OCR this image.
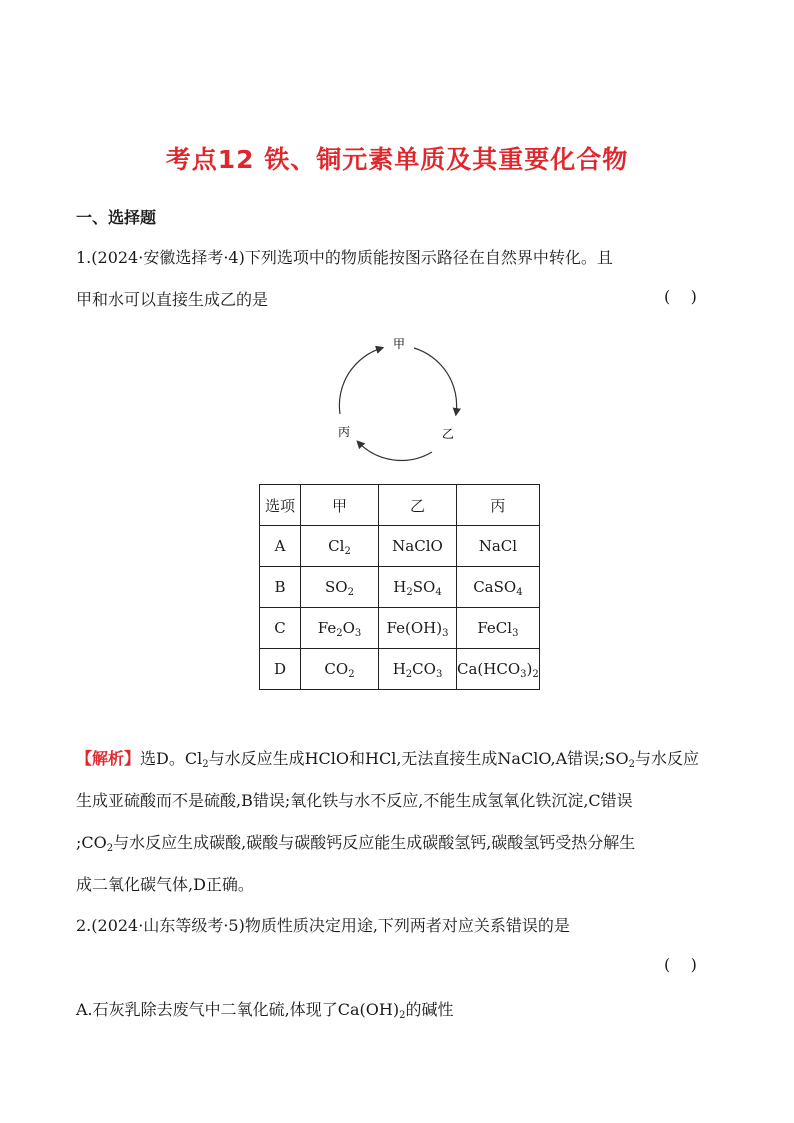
考点12 铁、铜元素单质及其重要化合物
一、选择题
1.(2024·安徽选择考·4)下列选项中的物质能按图示路径在自然界中转化。且
甲和水可以直接生成乙的是	(    )
甲
乙
丙
选项	甲	乙	丙
A	$Cl_2$	NaClO	NaCl
B	$SO_2$	$H_2SO_4$	CaSO$_4$
C	$Fe_2O_3$	$Fe(OH)_3$	FeCl$_3$
D	$CO_2$	$H_2CO_3$	$Ca(HCO_3)_2$
【解析】选D。$Cl_2$与水反应生成HClO和HCl,无法直接生成NaClO,A错误$;SO_2$与水反应
生成亚硫酸而不是硫酸,B错误;氧化铁与水不反应,不能生成氢氧化铁沉淀,C错误
$;CO_2$与水反应生成碳酸,碳酸与碳酸钙反应能生成碳酸氢钙,碳酸氢钙受热分解生
成二氧化碳气体,D正确。
2.(2024·山东等级考·5)物质性质决定用途,下列两者对应关系错误的是
(    )
A.石灰乳除去废气中二氧化硫,体现了$Ca(OH)_2$的碱性
